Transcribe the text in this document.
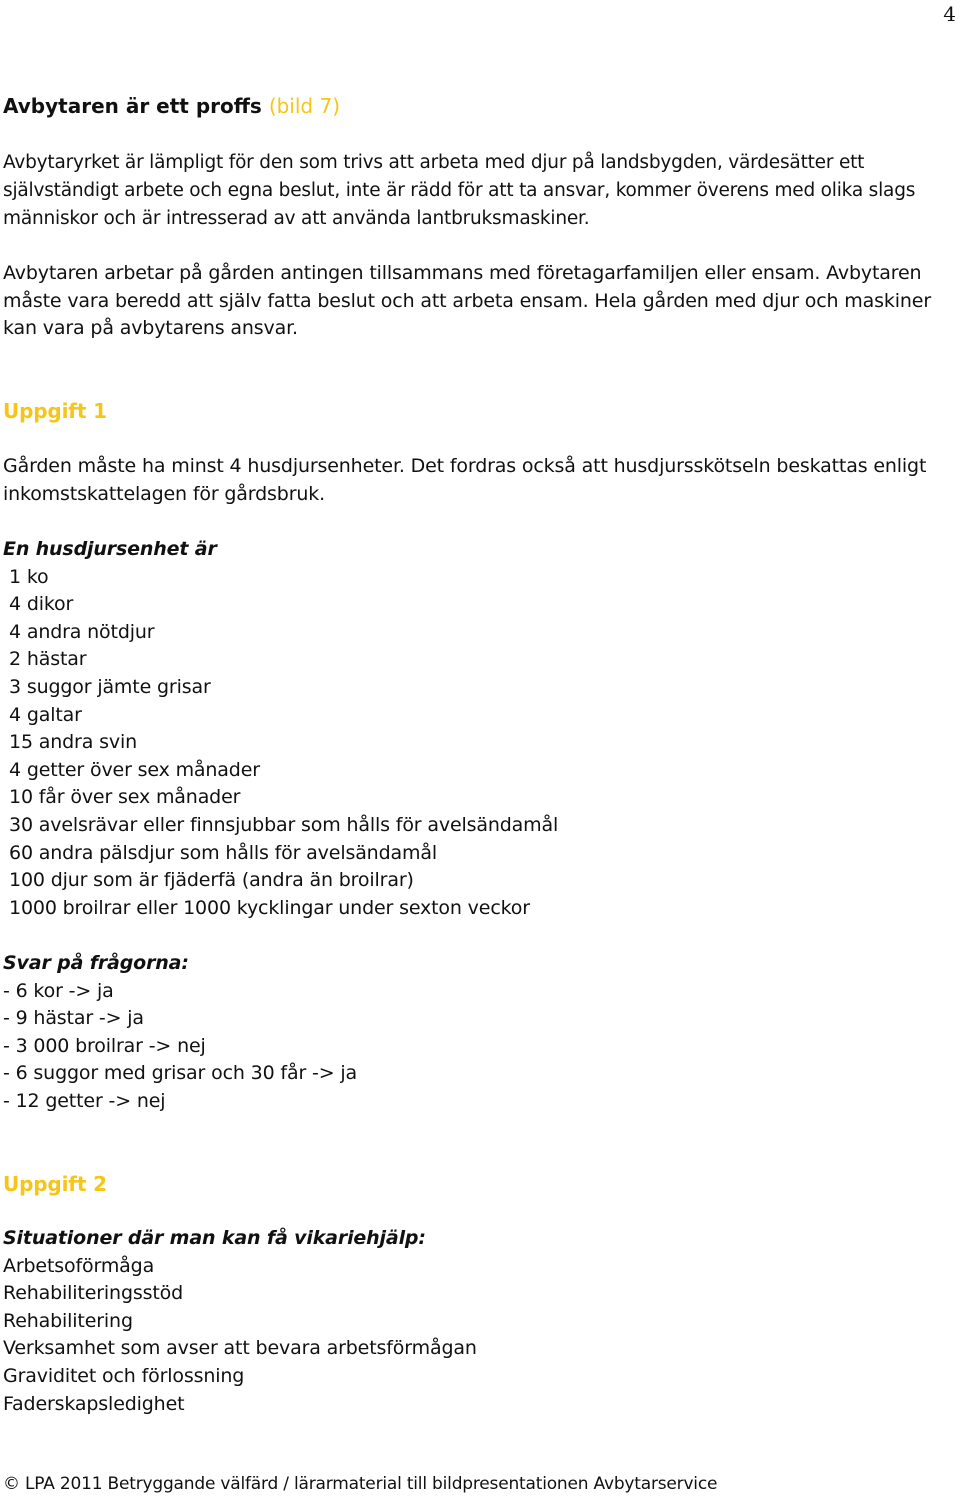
4
Avbytaren är ett proffs (bild 7)

Avbytaryrket är lämpligt för den som trivs att arbeta med djur på landsbygden, värdesätter ett självständigt arbete och egna beslut, inte är rädd för att ta ansvar, kommer överens med olika slags människor och är intresserad av att använda lantbruksmaskiner.

Avbytaren arbetar på gården antingen tillsammans med företagarfamiljen eller ensam. Avbytaren måste vara beredd att själv fatta beslut och att arbeta ensam. Hela gården med djur och maskiner kan vara på avbytarens ansvar.

Uppgift 1

Gården måste ha minst 4 husdjursenheter. Det fordras också att husdjursskötseln beskattas enligt inkomstskattelagen för gårdsbruk.

En husdjursenhet är
1 ko
4 dikor
4 andra nötdjur
2 hästar
3 suggor jämte grisar
4 galtar
15 andra svin
4 getter över sex månader
10 får över sex månader
30 avelsrävar eller finnsjubbar som hålls för avelsändamål
60 andra pälsdjur som hålls för avelsändamål
100 djur som är fjäderfä (andra än broilrar)
1000 broilrar eller 1000 kycklingar under sexton veckor
Svar på frågorna:
- 6 kor -> ja
- 9 hästar -> ja
- 3 000 broilrar -> nej
- 6 suggor med grisar och 30 får -> ja
- 12 getter -> nej
Uppgift 2
Situationer där man kan få vikariehjälp:
Arbetsoförmåga
Rehabiliteringsstöd
Rehabilitering
Verksamhet som avser att bevara arbetsförmågan
Graviditet och förlossning
Faderskapsledighet
© LPA 2011 Betryggande välfärd / lärarmaterial till bildpresentationen Avbytarservice
